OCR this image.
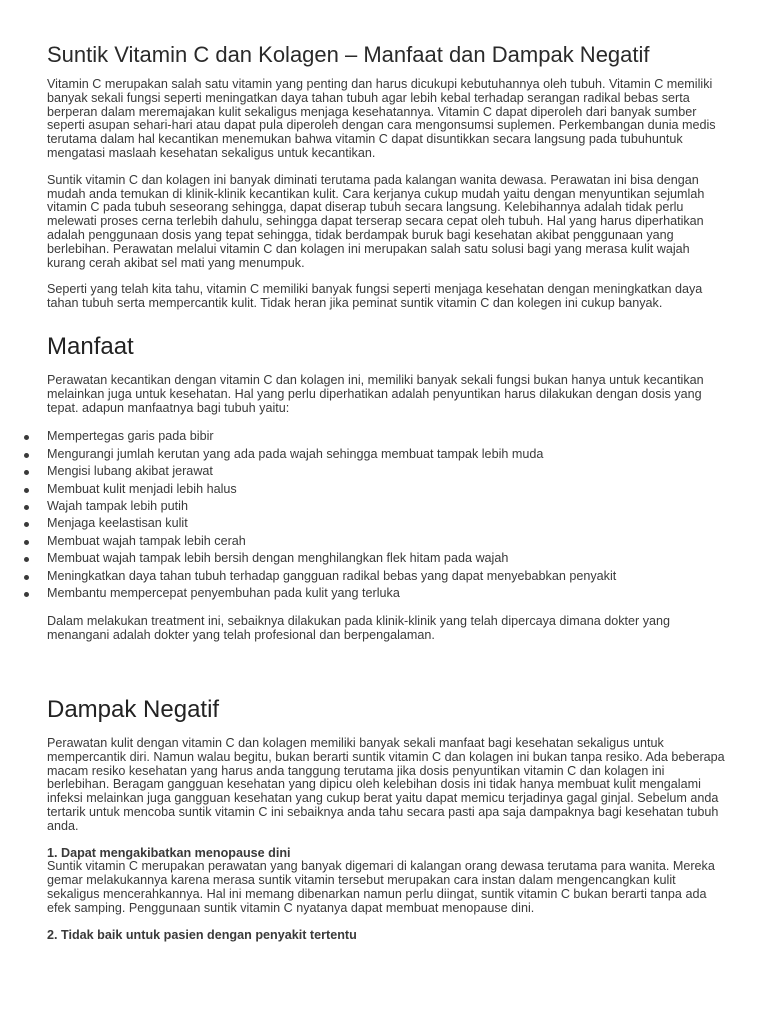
Suntik Vitamin C dan Kolagen – Manfaat dan Dampak Negatif

Vitamin C merupakan salah satu vitamin yang penting dan harus dicukupi kebutuhannya oleh tubuh. Vitamin C memiliki banyak sekali fungsi seperti meningatkan daya tahan tubuh agar lebih kebal terhadap serangan radikal bebas serta berperan dalam meremajakan kulit sekaligus menjaga kesehatannya. Vitamin C dapat diperoleh dari banyak sumber seperti asupan sehari-hari atau dapat pula diperoleh dengan cara mengonsumsi suplemen. Perkembangan dunia medis terutama dalam hal kecantikan menemukan bahwa vitamin C dapat disuntikkan secara langsung pada tubuhuntuk mengatasi maslaah kesehatan sekaligus untuk kecantikan.

Suntik vitamin C dan kolagen ini banyak diminati terutama pada kalangan wanita dewasa. Perawatan ini bisa dengan mudah anda temukan di klinik-klinik kecantikan kulit. Cara kerjanya cukup mudah yaitu dengan menyuntikan sejumlah vitamin C pada tubuh seseorang sehingga, dapat diserap tubuh secara langsung. Kelebihannya adalah tidak perlu melewati proses cerna terlebih dahulu, sehingga dapat terserap secara cepat oleh tubuh. Hal yang harus diperhatikan adalah penggunaan dosis yang tepat sehingga, tidak berdampak buruk bagi kesehatan akibat penggunaan yang berlebihan. Perawatan melalui vitamin C dan kolagen ini merupakan salah satu solusi bagi yang merasa kulit wajah kurang cerah akibat sel mati yang menumpuk.

Seperti yang telah kita tahu, vitamin C memiliki banyak fungsi seperti menjaga kesehatan dengan meningkatkan daya tahan tubuh serta mempercantik kulit. Tidak heran jika peminat suntik vitamin C dan kolegen ini cukup banyak.

Manfaat

Perawatan kecantikan dengan vitamin C dan kolagen ini, memiliki banyak sekali fungsi bukan hanya untuk kecantikan melainkan juga untuk kesehatan. Hal yang perlu diperhatikan adalah penyuntikan harus dilakukan dengan dosis yang tepat. adapun manfaatnya bagi tubuh yaitu:

Mempertegas garis pada bibir
Mengurangi jumlah kerutan yang ada pada wajah sehingga membuat tampak lebih muda
Mengisi lubang akibat jerawat
Membuat kulit menjadi lebih halus
Wajah tampak lebih putih
Menjaga keelastisan kulit
Membuat wajah tampak lebih cerah
Membuat wajah tampak lebih bersih dengan menghilangkan flek hitam pada wajah
Meningkatkan daya tahan tubuh terhadap gangguan radikal bebas yang dapat menyebabkan penyakit
Membantu mempercepat penyembuhan pada kulit yang terluka

Dalam melakukan treatment ini, sebaiknya dilakukan pada klinik-klinik yang telah dipercaya dimana dokter yang menangani adalah dokter yang telah profesional dan berpengalaman.

Dampak Negatif

Perawatan kulit dengan vitamin C dan kolagen memiliki banyak sekali manfaat bagi kesehatan sekaligus untuk mempercantik diri. Namun walau begitu, bukan berarti suntik vitamin C dan kolagen ini bukan tanpa resiko. Ada beberapa macam resiko kesehatan yang harus anda tanggung terutama jika dosis penyuntikan vitamin C dan kolagen ini berlebihan. Beragam gangguan kesehatan yang dipicu oleh kelebihan dosis ini tidak hanya membuat kulit mengalami infeksi melainkan juga gangguan kesehatan yang cukup berat yaitu dapat memicu terjadinya gagal ginjal. Sebelum anda tertarik untuk mencoba suntik vitamin C ini sebaiknya anda tahu secara pasti apa saja dampaknya bagi kesehatan tubuh anda.

1. Dapat mengakibatkan menopause dini
Suntik vitamin C merupakan perawatan yang banyak digemari di kalangan orang dewasa terutama para wanita. Mereka gemar melakukannya karena merasa suntik vitamin tersebut merupakan cara instan dalam mengencangkan kulit sekaligus mencerahkannya. Hal ini memang dibenarkan namun perlu diingat, suntik vitamin C bukan berarti tanpa ada efek samping. Penggunaan suntik vitamin C nyatanya dapat membuat menopause dini.

2. Tidak baik untuk pasien dengan penyakit tertentu
